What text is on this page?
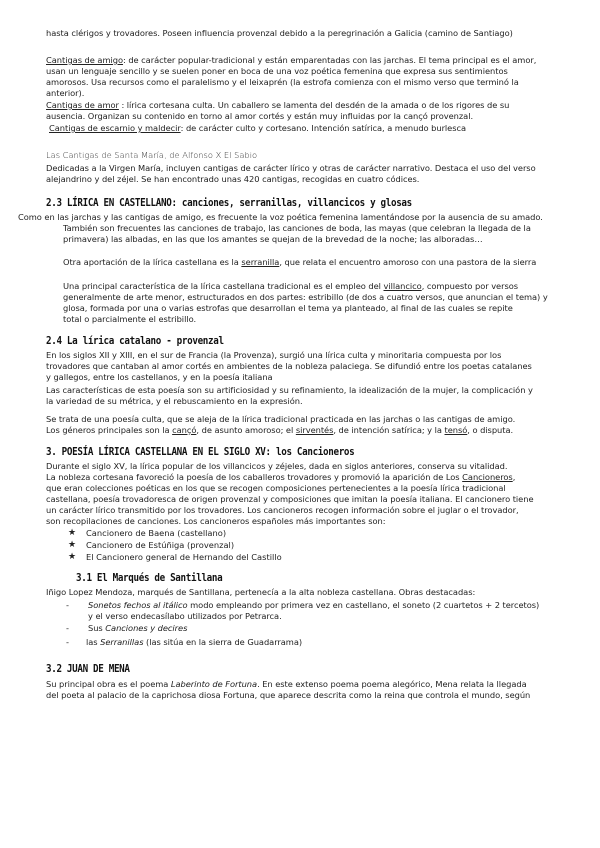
hasta clérigos y trovadores. Poseen influencia provenzal debido a la peregrinación a Galicia (camino de Santiago)
Cantigas de amigo: de carácter popular-tradicional y están emparentadas con las jarchas. El tema principal es el amor,
usan un lenguaje sencillo y se suelen poner en boca de una voz poética femenina que expresa sus sentimientos
amorosos. Usa recursos como el paralelismo y el leixaprén (la estrofa comienza con el mismo verso que terminó la
anterior).
Cantigas de amor : lírica cortesana culta. Un caballero se lamenta del desdén de la amada o de los rigores de su
ausencia. Organizan su contenido en torno al amor cortés y están muy influidas por la cançó provenzal.
Cantigas de escarnio y maldecir: de carácter culto y cortesano. Intención satírica, a menudo burlesca
Las Cantigas de Santa María, de Alfonso X El Sabio
Dedicadas a la Virgen María, incluyen cantigas de carácter lírico y otras de carácter narrativo. Destaca el uso del verso
alejandrino y del zéjel. Se han encontrado unas 420 cantigas, recogidas en cuatro códices.
2.3 LÍRICA EN CASTELLANO: canciones, serranillas, villancicos y glosas
Como en las jarchas y las cantigas de amigo, es frecuente la voz poética femenina lamentándose por la ausencia de su amado.
También son frecuentes las canciones de trabajo, las canciones de boda, las mayas (que celebran la llegada de la
primavera) las albadas, en las que los amantes se quejan de la brevedad de la noche; las alboradas…
Otra aportación de la lírica castellana es la serranilla, que relata el encuentro amoroso con una pastora de la sierra
Una principal característica de la lírica castellana tradicional es el empleo del villancico, compuesto por versos
generalmente de arte menor, estructurados en dos partes: estribillo (de dos a cuatro versos, que anuncian el tema) y
glosa, formada por una o varias estrofas que desarrollan el tema ya planteado, al final de las cuales se repite
total o parcialmente el estribillo.
2.4 La lírica catalano - provenzal
En los siglos XII y XIII, en el sur de Francia (la Provenza), surgió una lírica culta y minoritaria compuesta por los
trovadores que cantaban al amor cortés en ambientes de la nobleza palaciega. Se difundió entre los poetas catalanes
y gallegos, entre los castellanos, y en la poesía italiana
Las características de esta poesía son su artificiosidad y su refinamiento, la idealización de la mujer, la complicación y
la variedad de su métrica, y el rebuscamiento en la expresión.
Se trata de una poesía culta, que se aleja de la lírica tradicional practicada en las jarchas o las cantigas de amigo.
Los géneros principales son la cançó, de asunto amoroso; el sirventés, de intención satírica; y la tensó, o disputa.
3. POESÍA LÍRICA CASTELLANA EN EL SIGLO XV: los Cancioneros
Durante el siglo XV, la lírica popular de los villancicos y zéjeles, dada en siglos anteriores, conserva su vitalidad.
La nobleza cortesana favoreció la poesía de los caballeros trovadores y promovió la aparición de Los Cancioneros,
que eran colecciones poéticas en los que se recogen composiciones pertenecientes a la poesía lírica tradicional
castellana, poesía trovadoresca de origen provenzal y composiciones que imitan la poesía italiana. El cancionero tiene
un carácter lírico transmitido por los trovadores. Los cancioneros recogen información sobre el juglar o el trovador,
son recopilaciones de canciones. Los cancioneros españoles más importantes son:
★ Cancionero de Baena (castellano)
★ Cancionero de Estúñiga (provenzal)
★ El Cancionero general de Hernando del Castillo
3.1 El Marqués de Santillana
Iñigo Lopez Mendoza, marqués de Santillana, pertenecía a la alta nobleza castellana. Obras destacadas:
- Sonetos fechos al itálico modo empleando por primera vez en castellano, el soneto (2 cuartetos + 2 tercetos)
y el verso endecasílabo utilizados por Petrarca.
- Sus Canciones y decires
- las Serranillas (las sitúa en la sierra de Guadarrama)
3.2 JUAN DE MENA
Su principal obra es el poema Laberinto de Fortuna. En este extenso poema poema alegórico, Mena relata la llegada
del poeta al palacio de la caprichosa diosa Fortuna, que aparece descrita como la reina que controla el mundo, según
